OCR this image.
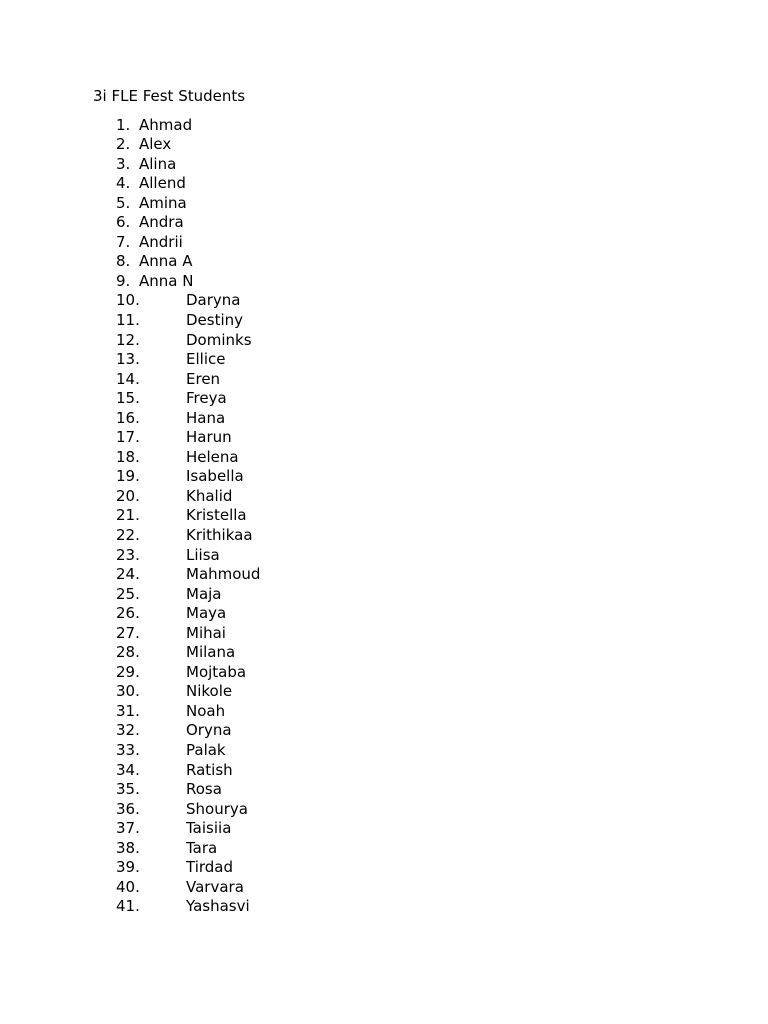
3i FLE Fest Students
1. Ahmad
2. Alex
3. Alina
4. Allend
5. Amina
6. Andra
7. Andrii
8. Anna A
9. Anna N
10.	Daryna
11.	Destiny
12.	Dominks
13.	Ellice
14.	Eren
15.	Freya
16.	Hana
17.	Harun
18.	Helena
19.	Isabella
20.	Khalid
21.	Kristella
22.	Krithikaa
23.	Liisa
24.	Mahmoud
25.	Maja
26.	Maya
27.	Mihai
28.	Milana
29.	Mojtaba
30.	Nikole
31.	Noah
32.	Oryna
33.	Palak
34.	Ratish
35.	Rosa
36.	Shourya
37.	Taisiia
38.	Tara
39.	Tirdad
40.	Varvara
41.	Yashasvi
